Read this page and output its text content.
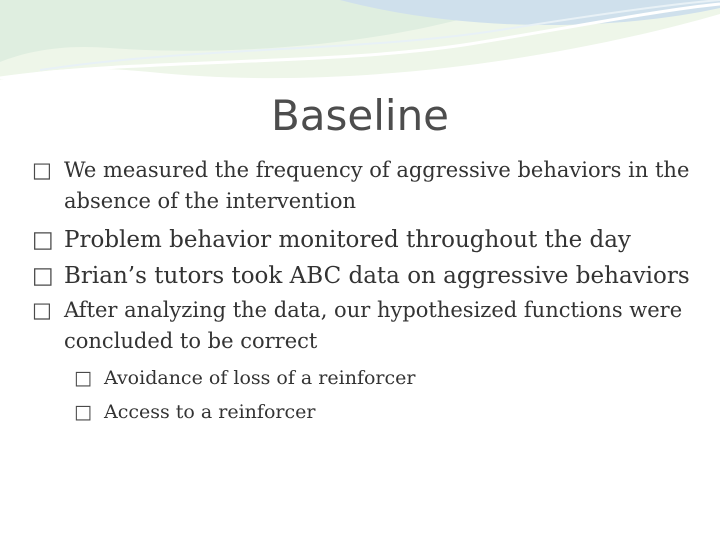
Baseline
□ We measured the frequency of aggressive behaviors in the absence of the intervention
□ Problem behavior monitored throughout the day
□ Brian’s tutors took ABC data on aggressive behaviors
□ After analyzing the data, our hypothesized functions were concluded to be correct
□ Avoidance of loss of a reinforcer
□ Access to a reinforcer
